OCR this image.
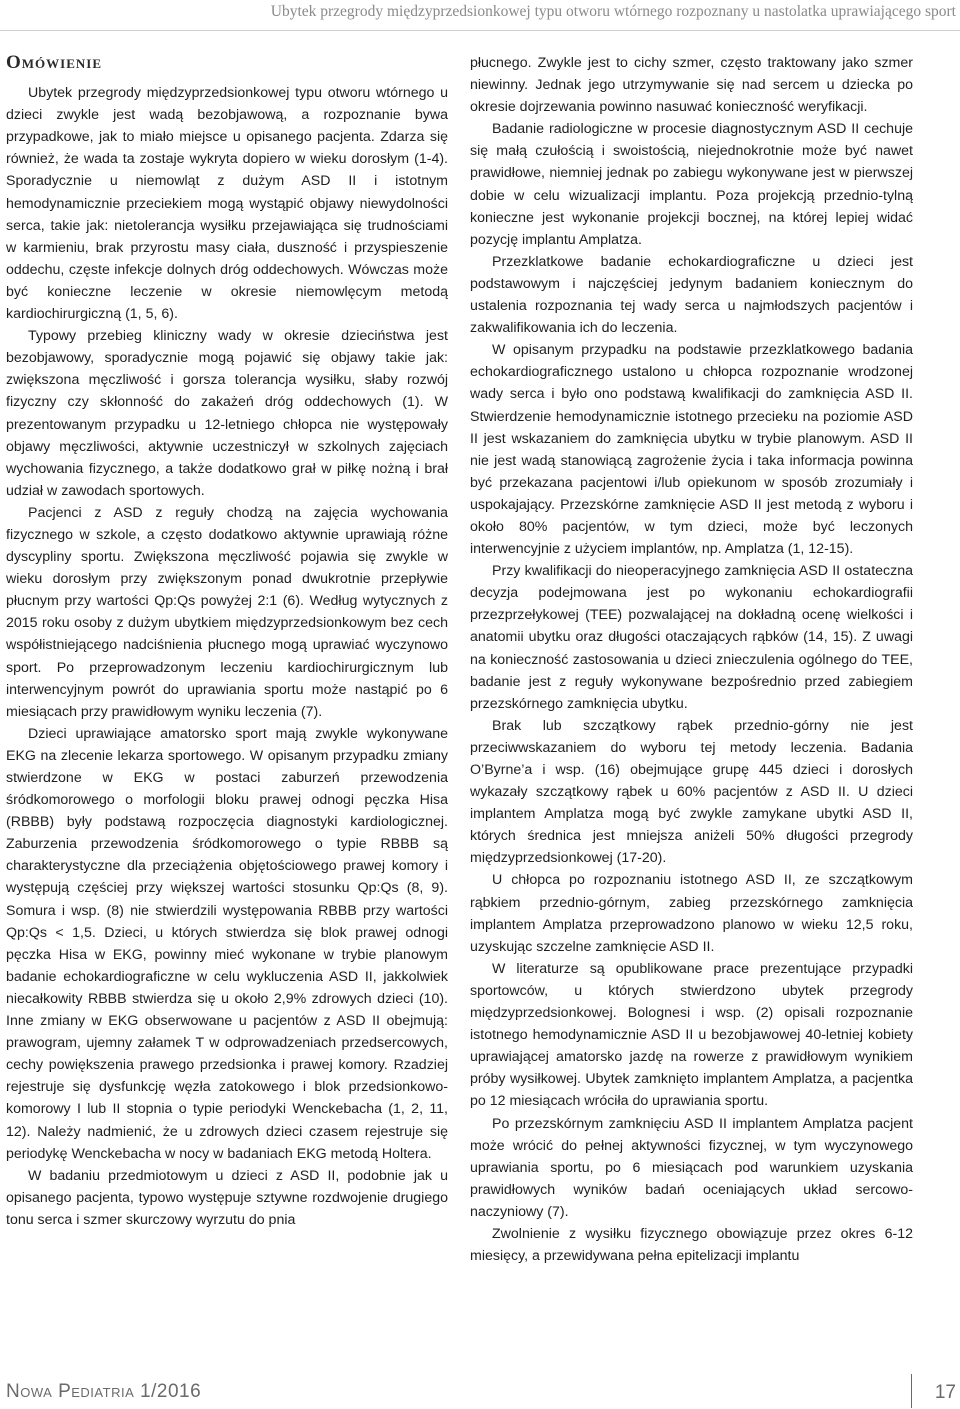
Ubytek przegrody międzyprzedsionkowej typu otworu wtórnego rozpoznany u nastolatka uprawiającego sport
Omówienie

Ubytek przegrody międzyprzedsionkowej typu otworu wtórnego u dzieci zwykle jest wadą bezobjawową, a rozpoznanie bywa przypadkowe, jak to miało miejsce u opisanego pacjenta. Zdarza się również, że wada ta zostaje wykryta dopiero w wieku dorosłym (1-4). Sporadycznie u niemowląt z dużym ASD II i istotnym hemodynamicznie przeciekiem mogą wystąpić objawy niewydolności serca, takie jak: nietolerancja wysiłku przejawiająca się trudnościami w karmieniu, brak przyrostu masy ciała, duszność i przyspieszenie oddechu, częste infekcje dolnych dróg oddechowych. Wówczas może być konieczne leczenie w okresie niemowlęcym metodą kardiochirurgiczną (1, 5, 6).

Typowy przebieg kliniczny wady w okresie dzieciństwa jest bezobjawowy, sporadycznie mogą pojawić się objawy takie jak: zwiększona męczliwość i gorsza tolerancja wysiłku, słaby rozwój fizyczny czy skłonność do zakażeń dróg oddechowych (1). W prezentowanym przypadku u 12-letniego chłopca nie występowały objawy męczliwości, aktywnie uczestniczył w szkolnych zajęciach wychowania fizycznego, a także dodatkowo grał w piłkę nożną i brał udział w zawodach sportowych.

Pacjenci z ASD z reguły chodzą na zajęcia wychowania fizycznego w szkole, a często dodatkowo aktywnie uprawiają różne dyscypliny sportu. Zwiększona męczliwość pojawia się zwykle w wieku dorosłym przy zwiększonym ponad dwukrotnie przepływie płucnym przy wartości Qp:Qs powyżej 2:1 (6). Według wytycznych z 2015 roku osoby z dużym ubytkiem międzyprzedsionkowym bez cech współistniejącego nadciśnienia płucnego mogą uprawiać wyczynowo sport. Po przeprowadzonym leczeniu kardiochirurgicznym lub interwencyjnym powrót do uprawiania sportu może nastąpić po 6 miesiącach przy prawidłowym wyniku leczenia (7).

Dzieci uprawiające amatorsko sport mają zwykle wykonywane EKG na zlecenie lekarza sportowego. W opisanym przypadku zmiany stwierdzone w EKG w postaci zaburzeń przewodzenia śródkomorowego o morfologii bloku prawej odnogi pęczka Hisa (RBBB) były podstawą rozpoczęcia diagnostyki kardiologicznej. Zaburzenia przewodzenia śródkomorowego o typie RBBB są charakterystyczne dla przeciążenia objętościowego prawej komory i występują częściej przy większej wartości stosunku Qp:Qs (8, 9). Somura i wsp. (8) nie stwierdzili występowania RBBB przy wartości Qp:Qs < 1,5. Dzieci, u których stwierdza się blok prawej odnogi pęczka Hisa w EKG, powinny mieć wykonane w trybie planowym badanie echokardiograficzne w celu wykluczenia ASD II, jakkolwiek niecałkowity RBBB stwierdza się u około 2,9% zdrowych dzieci (10). Inne zmiany w EKG obserwowane u pacjentów z ASD II obejmują: prawogram, ujemny załamek T w odprowadzeniach przedsercowych, cechy powiększenia prawego przedsionka i prawej komory. Rzadziej rejestruje się dysfunkcję węzła zatokowego i blok przedsionkowo-komorowy I lub II stopnia o typie periodyki Wenckebacha (1, 2, 11, 12). Należy nadmienić, że u zdrowych dzieci czasem rejestruje się periodykę Wenckebacha w nocy w badaniach EKG metodą Holtera.

W badaniu przedmiotowym u dzieci z ASD II, podobnie jak u opisanego pacjenta, typowo występuje sztywne rozdwojenie drugiego tonu serca i szmer skurczowy wyrzutu do pnia

płucnego. Zwykle jest to cichy szmer, często traktowany jako szmer niewinny. Jednak jego utrzymywanie się nad sercem u dziecka po okresie dojrzewania powinno nasuwać konieczność weryfikacji.

Badanie radiologiczne w procesie diagnostycznym ASD II cechuje się małą czułością i swoistością, niejednokrotnie może być nawet prawidłowe, niemniej jednak po zabiegu wykonywane jest w pierwszej dobie w celu wizualizacji implantu. Poza projekcją przednio-tylną konieczne jest wykonanie projekcji bocznej, na której lepiej widać pozycję implantu Amplatza.

Przezklatkowe badanie echokardiograficzne u dzieci jest podstawowym i najczęściej jedynym badaniem koniecznym do ustalenia rozpoznania tej wady serca u najmłodszych pacjentów i zakwalifikowania ich do leczenia.

W opisanym przypadku na podstawie przezklatkowego badania echokardiograficznego ustalono u chłopca rozpoznanie wrodzonej wady serca i było ono podstawą kwalifikacji do zamknięcia ASD II. Stwierdzenie hemodynamicznie istotnego przecieku na poziomie ASD II jest wskazaniem do zamknięcia ubytku w trybie planowym. ASD II nie jest wadą stanowiącą zagrożenie życia i taka informacja powinna być przekazana pacjentowi i/lub opiekunom w sposób zrozumiały i uspokajający. Przezskórne zamknięcie ASD II jest metodą z wyboru i około 80% pacjentów, w tym dzieci, może być leczonych interwencyjnie z użyciem implantów, np. Amplatza (1, 12-15).

Przy kwalifikacji do nieoperacyjnego zamknięcia ASD II ostateczna decyzja podejmowana jest po wykonaniu echokardiografii przezprzełykowej (TEE) pozwalającej na dokładną ocenę wielkości i anatomii ubytku oraz długości otaczających rąbków (14, 15). Z uwagi na konieczność zastosowania u dzieci znieczulenia ogólnego do TEE, badanie jest z reguły wykonywane bezpośrednio przed zabiegiem przezskórnego zamknięcia ubytku.

Brak lub szczątkowy rąbek przednio-górny nie jest przeciwwskazaniem do wyboru tej metody leczenia. Badania O’Byrne’a i wsp. (16) obejmujące grupę 445 dzieci i dorosłych wykazały szczątkowy rąbek u 60% pacjentów z ASD II. U dzieci implantem Amplatza mogą być zwykle zamykane ubytki ASD II, których średnica jest mniejsza aniżeli 50% długości przegrody międzyprzedsionkowej (17-20).

U chłopca po rozpoznaniu istotnego ASD II, ze szczątkowym rąbkiem przednio-górnym, zabieg przezskórnego zamknięcia implantem Amplatza przeprowadzono planowo w wieku 12,5 roku, uzyskując szczelne zamknięcie ASD II.

W literaturze są opublikowane prace prezentujące przypadki sportowców, u których stwierdzono ubytek przegrody międzyprzedsionkowej. Bolognesi i wsp. (2) opisali rozpoznanie istotnego hemodynamicznie ASD II u bezobjawowej 40-letniej kobiety uprawiającej amatorsko jazdę na rowerze z prawidłowym wynikiem próby wysiłkowej. Ubytek zamknięto implantem Amplatza, a pacjentka po 12 miesiącach wróciła do uprawiania sportu.

Po przezskórnym zamknięciu ASD II implantem Amplatza pacjent może wrócić do pełnej aktywności fizycznej, w tym wyczynowego uprawiania sportu, po 6 miesiącach pod warunkiem uzyskania prawidłowych wyników badań oceniających układ sercowo-naczyniowy (7).

Zwolnienie z wysiłku fizycznego obowiązuje przez okres 6-12 miesięcy, a przewidywana pełna epitelizacji implantu

Nowa Pediatria 1/2016	17
